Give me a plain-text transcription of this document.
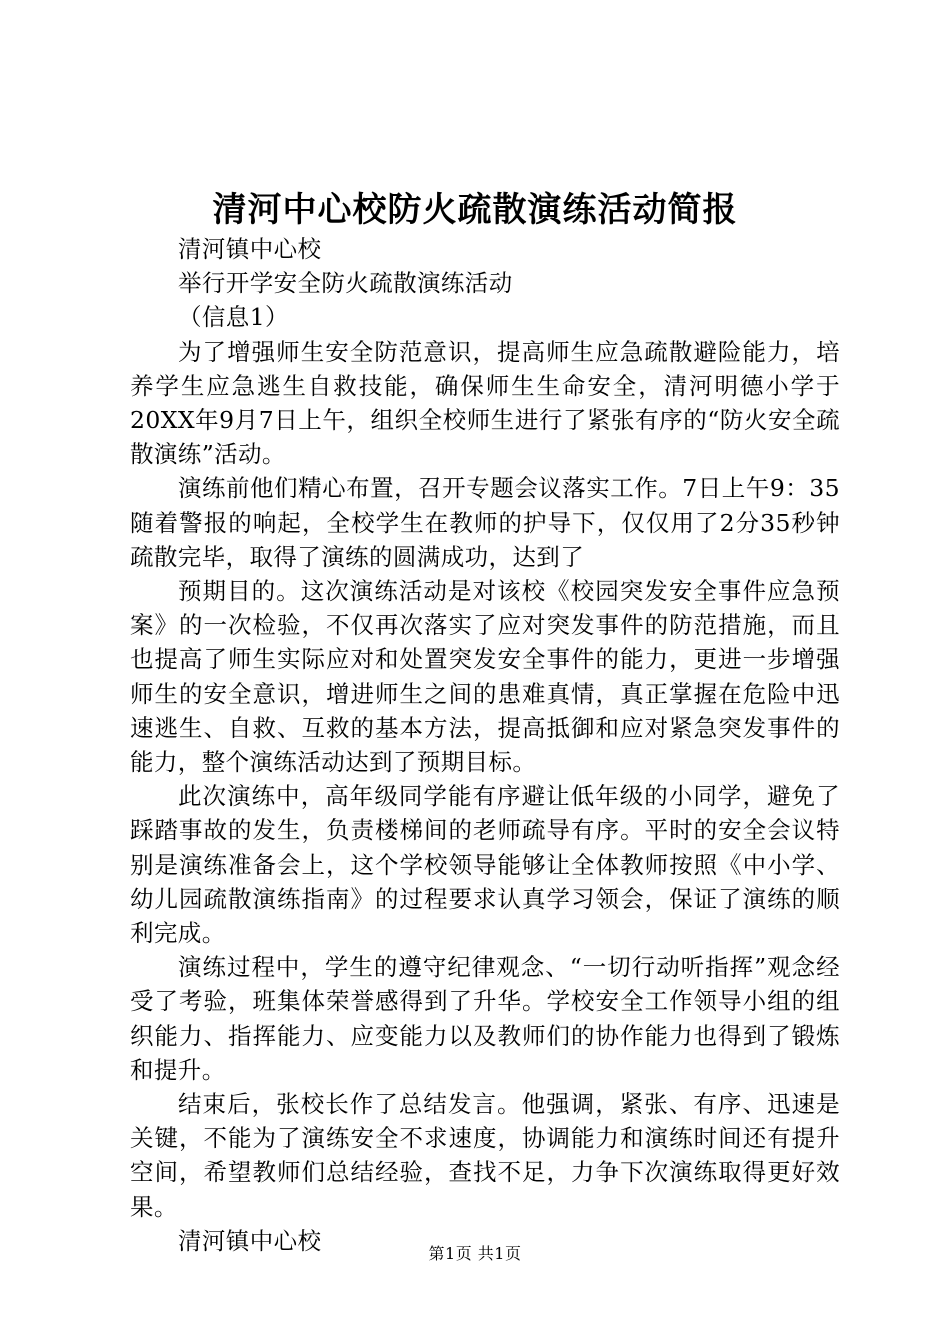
清河中心校防火疏散演练活动简报
清河镇中心校
举行开学安全防火疏散演练活动
（信息1）

为了增强师生安全防范意识，提高师生应急疏散避险能力，培养学生应急逃生自救技能，确保师生生命安全，清河明德小学于20XX年9月7日上午，组织全校师生进行了紧张有序的“防火安全疏散演练”活动。

演练前他们精心布置，召开专题会议落实工作。7日上午9：35随着警报的响起，全校学生在教师的护导下，仅仅用了2分35秒钟疏散完毕，取得了演练的圆满成功，达到了

预期目的。这次演练活动是对该校《校园突发安全事件应急预案》的一次检验，不仅再次落实了应对突发事件的防范措施，而且也提高了师生实际应对和处置突发安全事件的能力，更进一步增强师生的安全意识，增进师生之间的患难真情，真正掌握在危险中迅速逃生、自救、互救的基本方法，提高抵御和应对紧急突发事件的能力，整个演练活动达到了预期目标。

此次演练中，高年级同学能有序避让低年级的小同学，避免了踩踏事故的发生，负责楼梯间的老师疏导有序。平时的安全会议特别是演练准备会上，这个学校领导能够让全体教师按照《中小学、幼儿园疏散演练指南》的过程要求认真学习领会，保证了演练的顺利完成。

演练过程中，学生的遵守纪律观念、“一切行动听指挥”观念经受了考验，班集体荣誉感得到了升华。学校安全工作领导小组的组织能力、指挥能力、应变能力以及教师们的协作能力也得到了锻炼和提升。

结束后，张校长作了总结发言。他强调，紧张、有序、迅速是关键，不能为了演练安全不求速度，协调能力和演练时间还有提升空间，希望教师们总结经验，查找不足，力争下次演练取得更好效果。

清河镇中心校	第1页 共1页
